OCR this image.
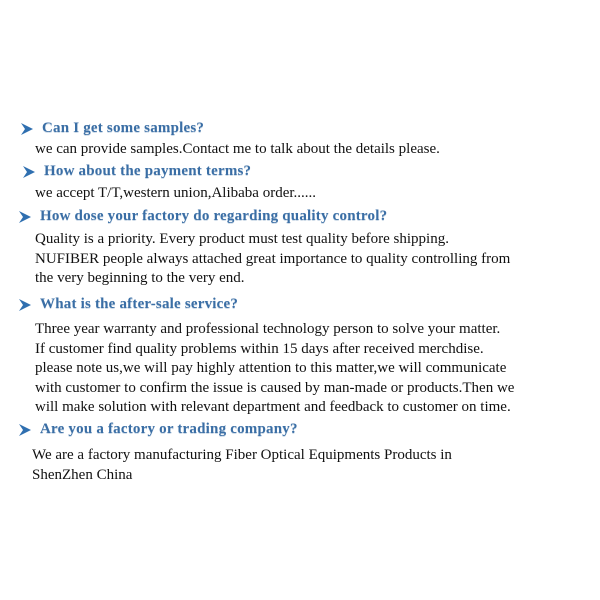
Can I get some samples?
we can provide samples.Contact me to talk about the details please.
How about the payment terms?
we accept T/T,western union,Alibaba order......
How dose your factory do regarding quality control?
Quality is a priority. Every product must test quality before shipping.
NUFIBER people always attached great importance to quality controlling from
the very beginning to the very end.
What is the after-sale service?
Three year warranty and professional technology person to solve your matter.
If customer find quality problems within 15 days after received merchdise.
please note us,we will pay highly attention to this matter,we will communicate
with customer to confirm the issue is caused by man-made or products.Then we
will make solution with relevant department and feedback to customer on time.
Are you a factory or trading company?
We are a factory manufacturing Fiber Optical Equipments Products in
ShenZhen China
